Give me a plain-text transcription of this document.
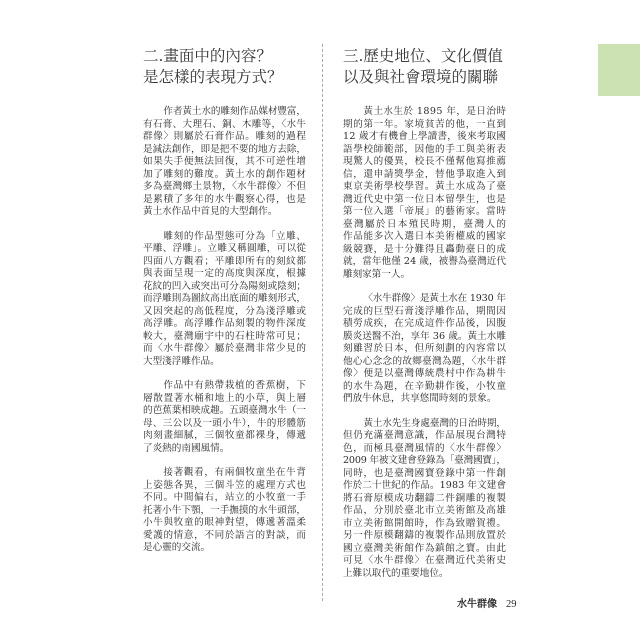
二.畫面中的內容？
是怎樣的表現方式？
作者黃土水的雕刻作品媒材豐富，
有石膏、大理石、銅、木雕等，〈水牛
群像〉則屬於石膏作品。雕刻的過程
是減法創作，即是把不要的地方去除，
如果失手便無法回復，其不可逆性增
加了雕刻的難度。黃土水的創作題材
多為臺灣鄉土景物，〈水牛群像〉不但
是累積了多年的水牛觀察心得，也是
黃土水作品中首見的大型創作。
雕刻的作品型態可分為「立雕、
平雕、浮雕」。立雕又稱圓雕，可以從
四面八方觀看；平雕即所有的刻紋都
與表面呈現一定的高度與深度，根據
花紋的凹入或突出可分為陽刻或陰刻；
而浮雕則為圖紋高出底面的雕刻形式，
又因突起的高低程度，分為淺浮雕或
高浮雕。高浮雕作品刻製的物件深度
較大，臺灣廟宇中的石柱時常可見；
而〈水牛群像〉屬於臺灣非常少見的
大型淺浮雕作品。
作品中有熱帶栽植的香蕉樹，下
層散置著水桶和地上的小草，與上層
的芭蕉葉相映成趣。五頭臺灣水牛（一
母、三公以及一頭小牛），牛的形體筋
肉刻畫細膩，三個牧童都裸身，傳遞
了炎熱的南國風情。
接著觀看，有兩個牧童坐在牛背
上姿態各異，三個斗笠的處理方式也
不同。中間偏右，站立的小牧童一手
托著小牛下顎，一手撫摸的水牛頭部，
小牛與牧童的眼神對望，傳遞著溫柔
愛護的情意，不同於語言的對談，而
是心靈的交流。
三.歷史地位、文化價值
以及與社會環境的關聯
黃土水生於 1895 年，是日治時
期的第一年。家境貧苦的他，一直到
12 歲才有機會上學讀書，後來考取國
語學校師範部，因他的手工與美術表
現驚人的優異，校長不僅幫他寫推薦
信，還申請獎學金，替他爭取進入到
東京美術學校學習。黃土水成為了臺
灣近代史中第一位日本留學生，也是
第一位入選「帝展」的藝術家。當時
臺灣屬於日本殖民時期，臺灣人的
作品能多次入選日本美術權威的國家
級競賽，是十分難得且轟動臺日的成
就，當年他僅 24 歲，被譽為臺灣近代
雕刻家第一人。
〈水牛群像〉是黃土水在 1930 年
完成的巨型石膏淺浮雕作品，期間因
積勞成疾，在完成這件作品後，因腹
膜炎送醫不治，享年 36 歲。黃土水雕
刻雖習於日本，但所刻劃的內容常以
他心心念念的故鄉臺灣為題，〈水牛群
像〉便是以臺灣傳統農村中作為耕牛
的水牛為題，在辛勤耕作後，小牧童
們放牛休息，共享悠閒時刻的景象。
黃土水先生身處臺灣的日治時期，
但仍充滿臺灣意識，作品展現台灣特
色，而極具臺灣風情的〈水牛群像〉
2009 年被文建會登錄為「臺灣國寶」，
同時，也是臺灣國寶登錄中第一件創
作於二十世紀的作品。1983 年文建會
將石膏原模成功翻鑄二件銅雕的複製
作品，分別於臺北市立美術館及高雄
市立美術館開館時，作為致贈賀禮。
另一件原模翻鑄的複製作品則放置於
國立臺灣美術館作為鎮館之寶。由此
可見〈水牛群像〉在臺灣近代美術史
上難以取代的重要地位。
水牛群像 29
